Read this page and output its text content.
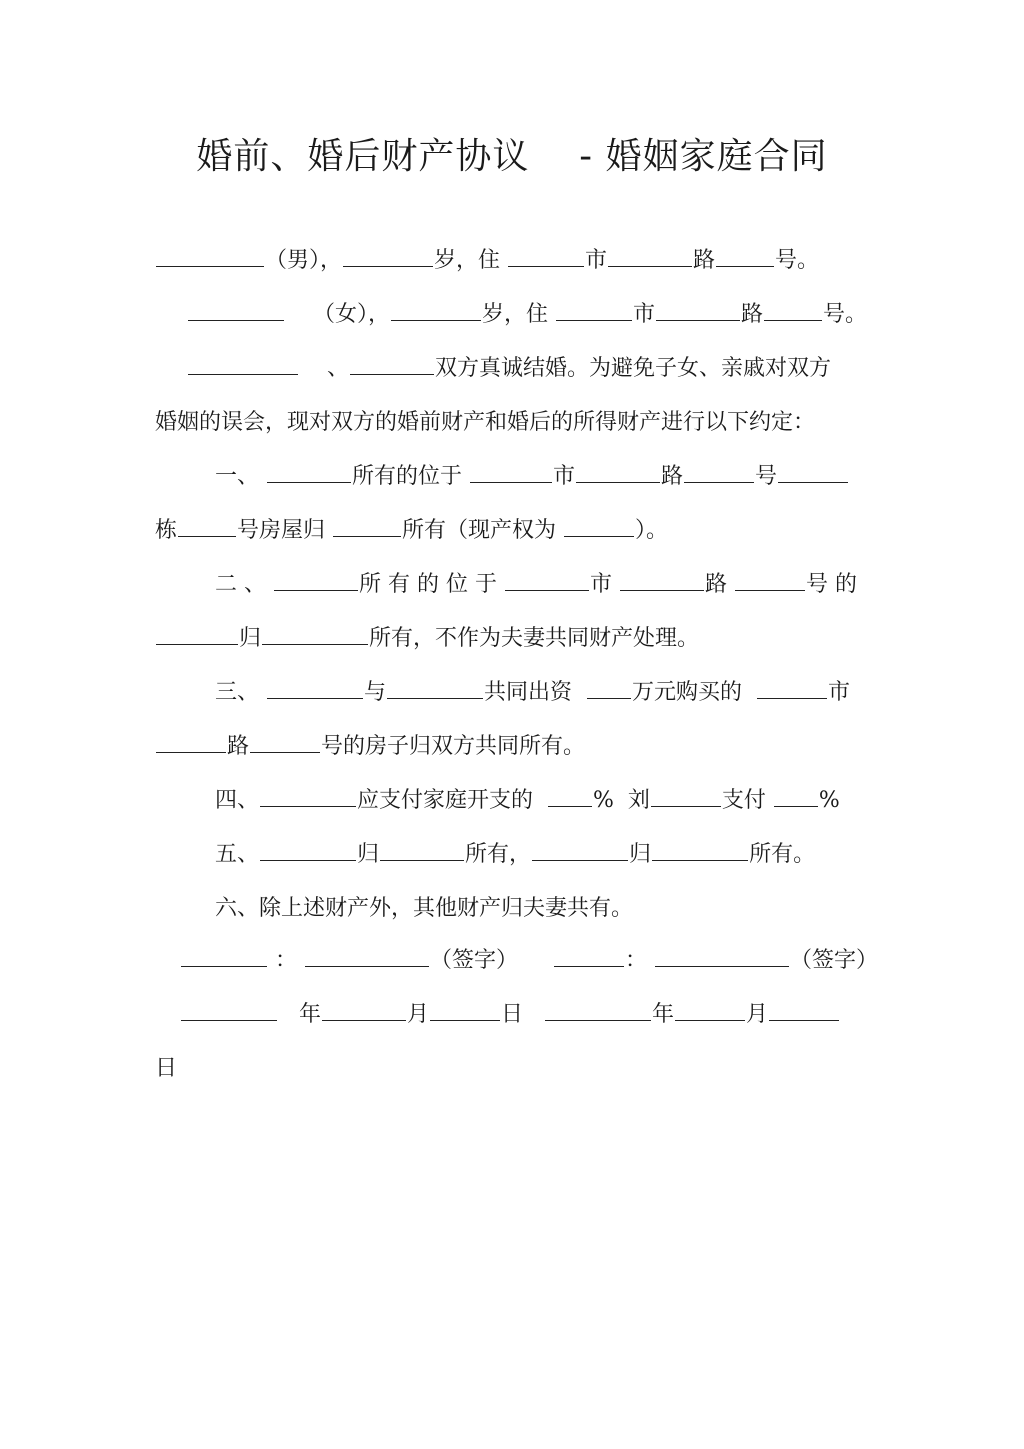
婚前、婚后财产协议    - 婚姻家庭合同
（男），	岁，住	市	路	号。
（女），	岁，住	市	路	号。
、	双方真诚结婚。为避免子女、亲戚对双方
婚姻的误会，现对双方的婚前财产和婚后的所得财产进行以下约定：
一、	所有的位于	市	路	号
栋	号房屋归	所有（现产权为	）。
二 、	所 有 的 位 于	市	路	号 的
归	所有，不作为夫妻共同财产处理。
三、	与	共同出资  万元购买的	市
路	号的房子归双方共同所有。
四、	应支付家庭开支的  %  刘	支付 %
五、	归	所有，	归	所有。
六、除上述财产外，其他财产归夫妻共有。
：	（签字）	：	（签字）
年	月	日	年	月
日
